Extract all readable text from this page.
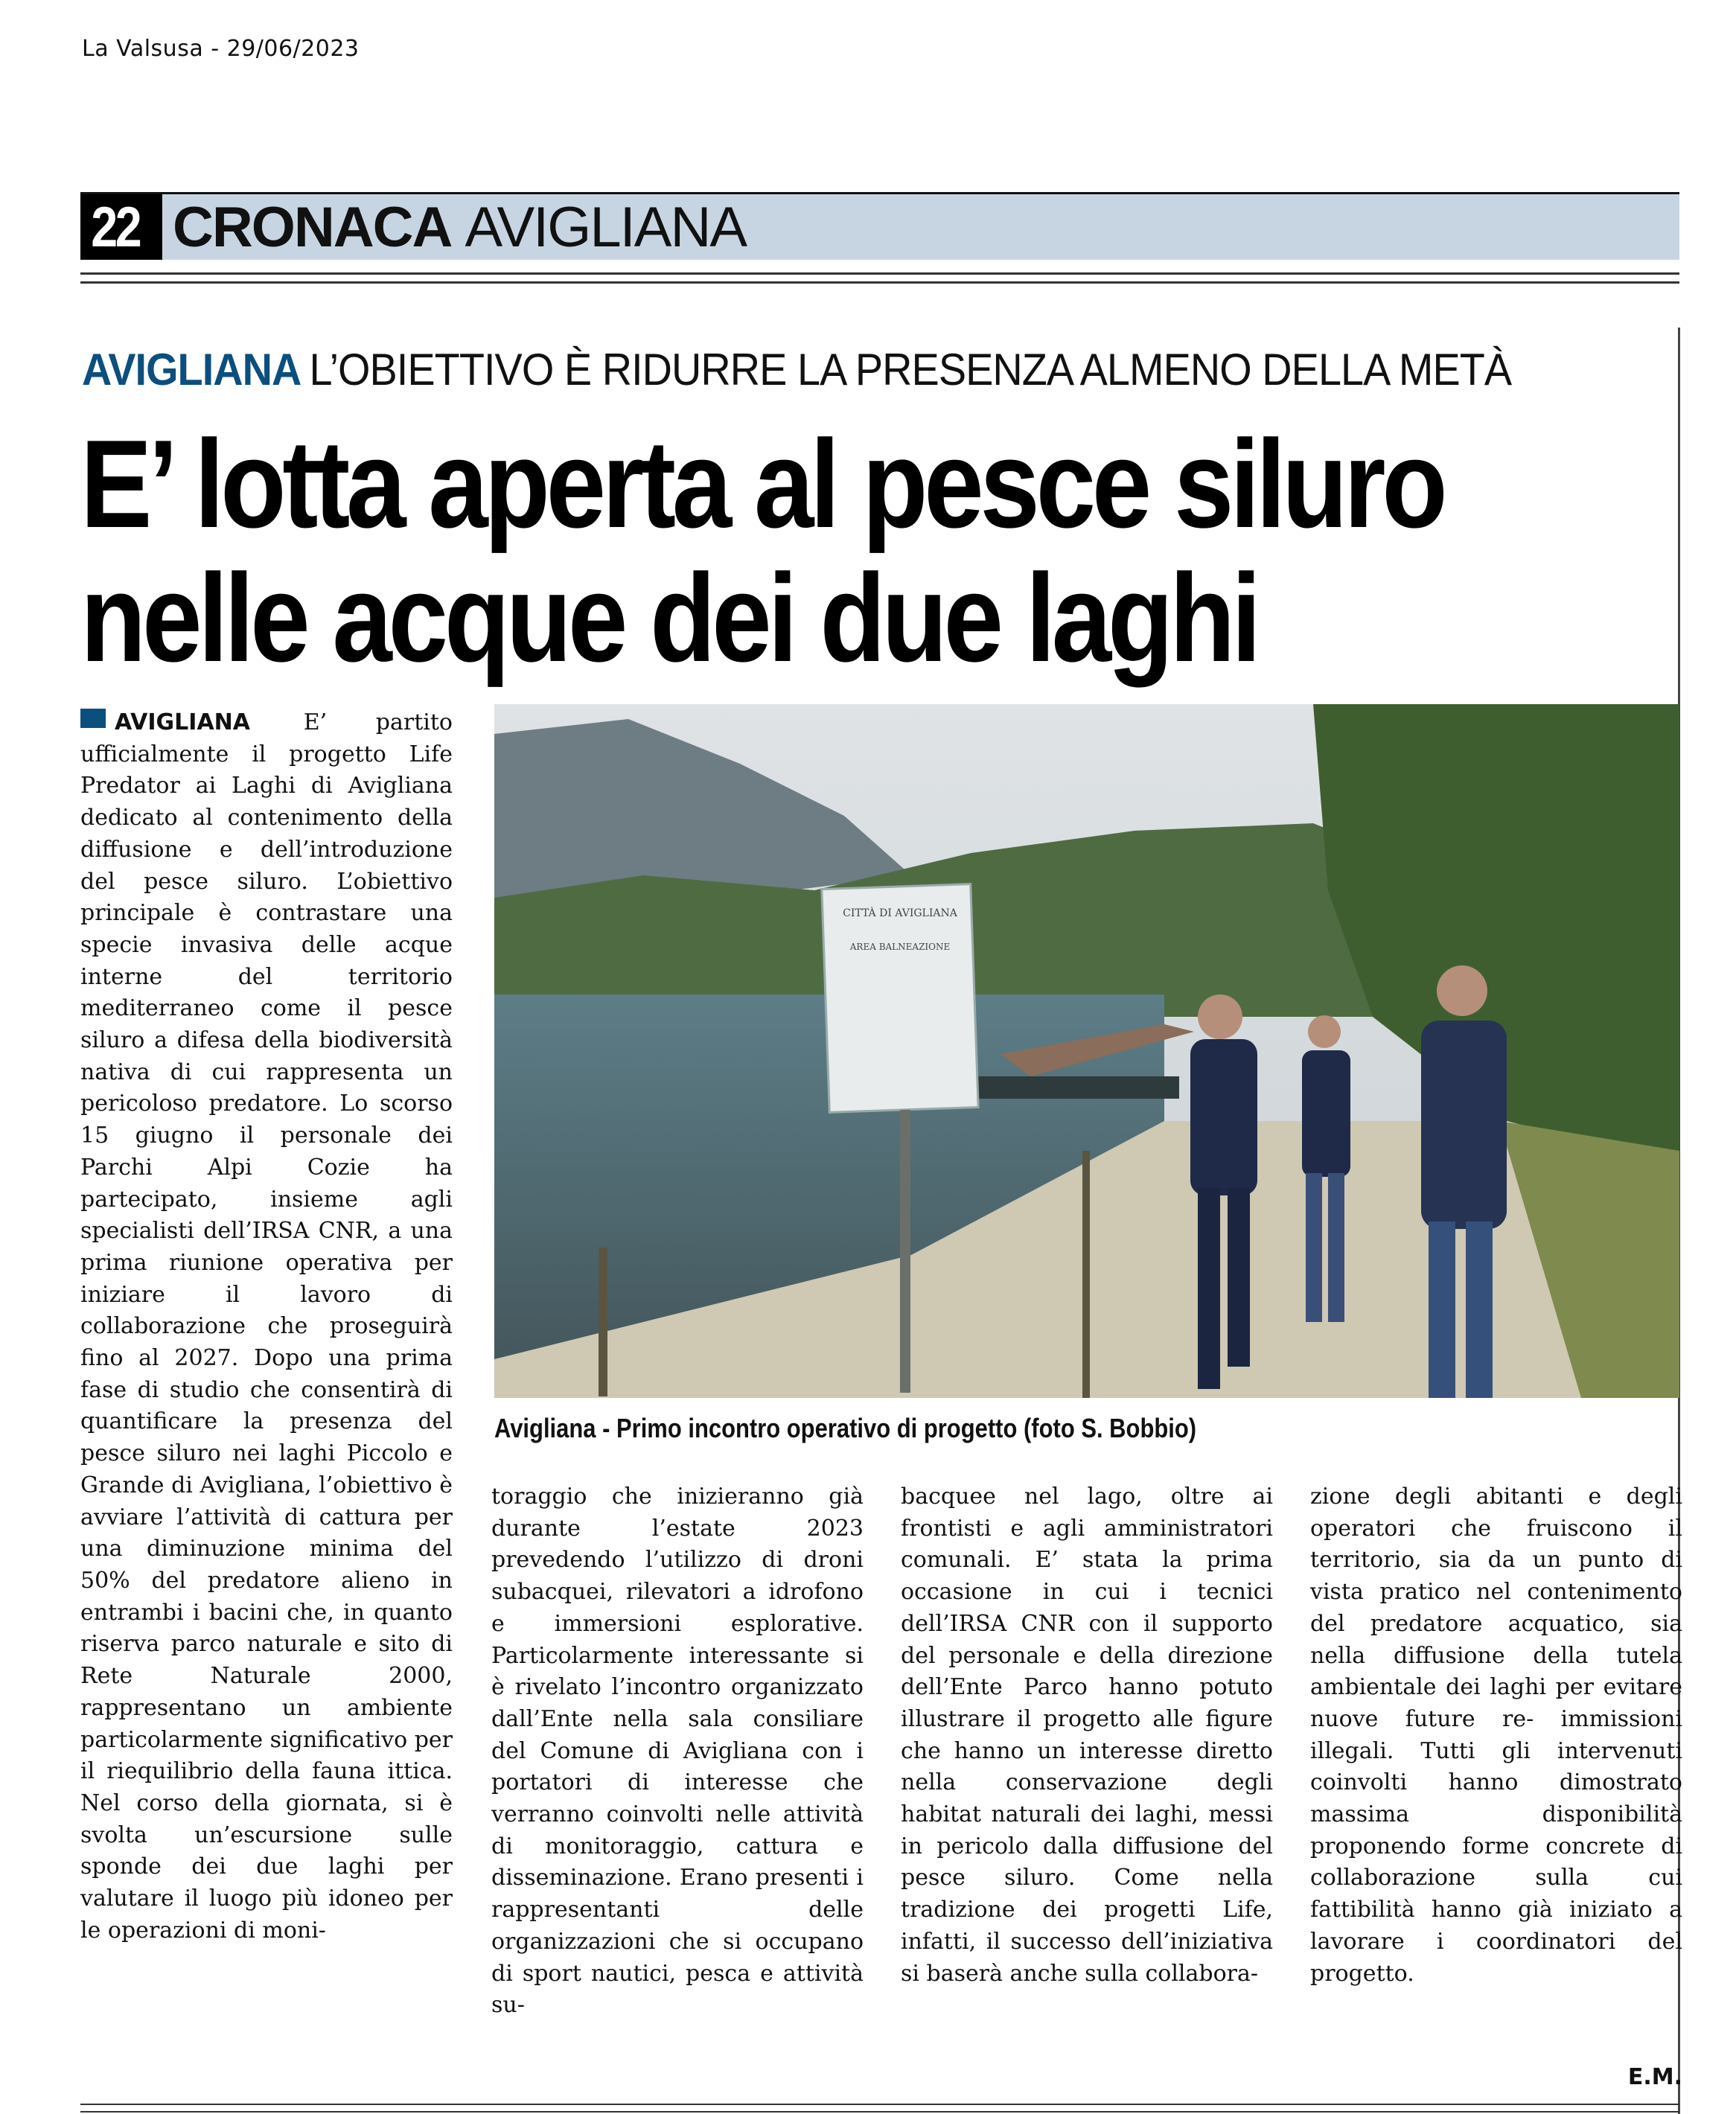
La Valsusa - 29/06/2023
22 CRONACA AVIGLIANA
AVIGLIANA L’OBIETTIVO È RIDURRE LA PRESENZA ALMENO DELLA METÀ
E’ lotta aperta al pesce siluro
nelle acque dei due laghi
AVIGLIANA E’ partito ufficialmente il progetto Life Predator ai Laghi di Avigliana dedicato al contenimento della diffusione e dell’introduzione del pesce siluro. L’obiettivo principale è contrastare una specie invasiva delle acque interne del territorio mediterraneo come il pesce siluro a difesa della biodiversità nativa di cui rappresenta un pericoloso predatore. Lo scorso 15 giugno il personale dei Parchi Alpi Cozie ha partecipato, insieme agli specialisti dell’IRSA CNR, a una prima riunione operativa per iniziare il lavoro di collaborazione che proseguirà fino al 2027. Dopo una prima fase di studio che consentirà di quantificare la presenza del pesce siluro nei laghi Piccolo e Grande di Avigliana, l’obiettivo è avviare l’attività di cattura per una diminuzione minima del 50% del predatore alieno in entrambi i bacini che, in quanto riserva parco naturale e sito di Rete Naturale 2000, rappresentano un ambiente particolarmente significativo per il riequilibrio della fauna ittica. Nel corso della giornata, si è svolta un’escursione sulle sponde dei due laghi per valutare il luogo più idoneo per le operazioni di moni-
CITTÀ DI AVIGLIANA
AREA BALNEAZIONE
Avigliana - Primo incontro operativo di progetto (foto S. Bobbio)
toraggio che inizieranno già durante l’estate 2023 prevedendo l’utilizzo di droni subacquei, rilevatori a idrofono e immersioni esplorative. Particolarmente interessante si è rivelato l’incontro organizzato dall’Ente nella sala consiliare del Comune di Avigliana con i portatori di interesse che verranno coinvolti nelle attività di monitoraggio, cattura e disseminazione. Erano presenti i rappresentanti delle organizzazioni che si occupano di sport nautici, pesca e attività su-
bacquee nel lago, oltre ai frontisti e agli amministratori comunali. E’ stata la prima occasione in cui i tecnici dell’IRSA CNR con il supporto del personale e della direzione dell’Ente Parco hanno potuto illustrare il progetto alle figure che hanno un interesse diretto nella conservazione degli habitat naturali dei laghi, messi in pericolo dalla diffusione del pesce siluro. Come nella tradizione dei progetti Life, infatti, il successo dell’iniziativa si baserà anche sulla collabora-
zione degli abitanti e degli operatori che fruiscono il territorio, sia da un punto di vista pratico nel contenimento del predatore acquatico, sia nella diffusione della tutela ambientale dei laghi per evitare nuove future re- immissioni illegali. Tutti gli intervenuti coinvolti hanno dimostrato massima disponibilità proponendo forme concrete di collaborazione sulla cui fattibilità hanno già iniziato a lavorare i coordinatori del progetto.
E.M.
